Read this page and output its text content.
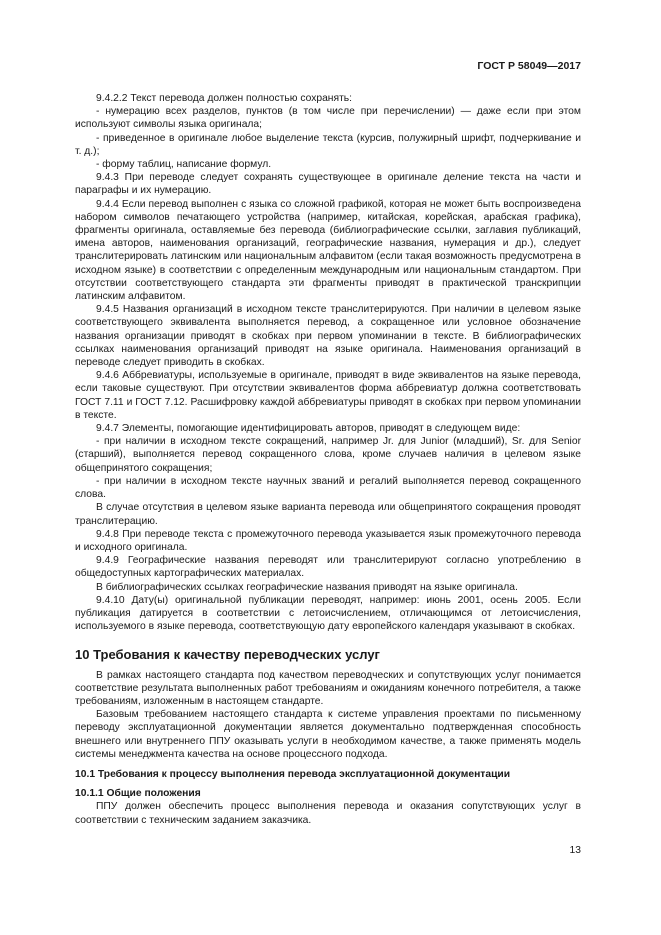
ГОСТ Р 58049—2017

9.4.2.2 Текст перевода должен полностью сохранять:

- нумерацию всех разделов, пунктов (в том числе при перечислении) — даже если при этом используют символы языка оригинала;

- приведенное в оригинале любое выделение текста (курсив, полужирный шрифт, подчеркивание и т. д.);

- форму таблиц, написание формул.

9.4.3 При переводе следует сохранять существующее в оригинале деление текста на части и параграфы и их нумерацию.

9.4.4 Если перевод выполнен с языка со сложной графикой, которая не может быть воспроизведена набором символов печатающего устройства (например, китайская, корейская, арабская графика), фрагменты оригинала, оставляемые без перевода (библиографические ссылки, заглавия публикаций, имена авторов, наименования организаций, географические названия, нумерация и др.), следует транслитерировать латинским или национальным алфавитом (если такая возможность предусмотрена в исходном языке) в соответствии с определенным международным или национальным стандартом. При отсутствии соответствующего стандарта эти фрагменты приводят в практической транскрипции латинским алфавитом.

9.4.5 Названия организаций в исходном тексте транслитерируются. При наличии в целевом языке соответствующего эквивалента выполняется перевод, а сокращенное или условное обозначение названия организации приводят в скобках при первом упоминании в тексте. В библиографических ссылках наименования организаций приводят на языке оригинала. Наименования организаций в переводе следует приводить в скобках.

9.4.6 Аббревиатуры, используемые в оригинале, приводят в виде эквивалентов на языке перевода, если таковые существуют. При отсутствии эквивалентов форма аббревиатур должна соответствовать ГОСТ 7.11 и ГОСТ 7.12. Расшифровку каждой аббревиатуры приводят в скобках при первом упоминании в тексте.

9.4.7 Элементы, помогающие идентифицировать авторов, приводят в следующем виде:

- при наличии в исходном тексте сокращений, например Jr. для Junior (младший), Sr. для Senior (старший), выполняется перевод сокращенного слова, кроме случаев наличия в целевом языке общепринятого сокращения;

- при наличии в исходном тексте научных званий и регалий выполняется перевод сокращенного слова.

В случае отсутствия в целевом языке варианта перевода или общепринятого сокращения проводят транслитерацию.

9.4.8 При переводе текста с промежуточного перевода указывается язык промежуточного перевода и исходного оригинала.

9.4.9 Географические названия переводят или транслитерируют согласно употреблению в общедоступных картографических материалах.

В библиографических ссылках географические названия приводят на языке оригинала.

9.4.10 Дату(ы) оригинальной публикации переводят, например: июнь 2001, осень 2005. Если публикация датируется в соответствии с летоисчислением, отличающимся от летоисчисления, используемого в языке перевода, соответствующую дату европейского календаря указывают в скобках.

10 Требования к качеству переводческих услуг

В рамках настоящего стандарта под качеством переводческих и сопутствующих услуг понимается соответствие результата выполненных работ требованиям и ожиданиям конечного потребителя, а также требованиям, изложенным в настоящем стандарте.

Базовым требованием настоящего стандарта к системе управления проектами по письменному переводу эксплуатационной документации является документально подтвержденная способность внешнего или внутреннего ППУ оказывать услуги в необходимом качестве, а также применять модель системы менеджмента качества на основе процессного подхода.

10.1 Требования к процессу выполнения перевода эксплуатационной документации

10.1.1 Общие положения

ППУ должен обеспечить процесс выполнения перевода и оказания сопутствующих услуг в соответствии с техническим заданием заказчика.

13
